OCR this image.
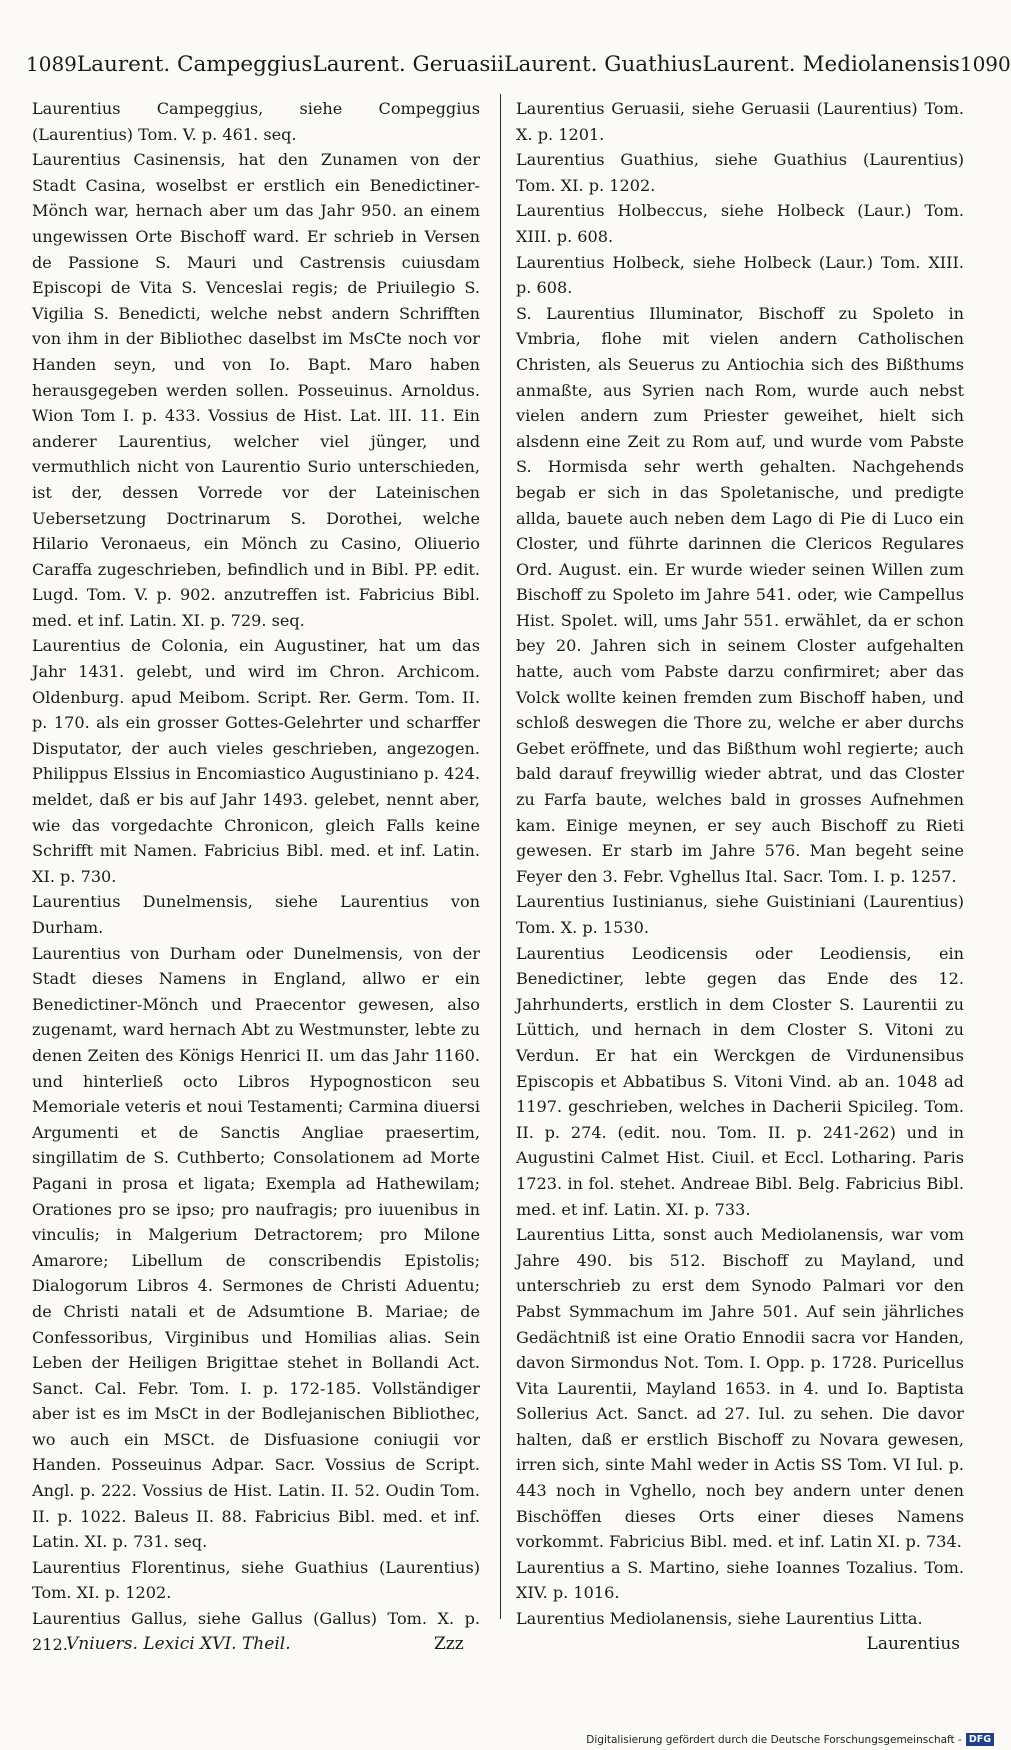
1089 Laurent. Campeggius Laurent. Geruasii Laurent. Guathius Laurent. Mediolanensis 1090

Laurentius Campeggius, siehe Compeggius (Laurentius) Tom. V. p. 461. seq.

Laurentius Casinensis, hat den Zunamen von der Stadt Casina, woselbst er erstlich ein Benedictiner-Mönch war, hernach aber um das Jahr 950. an einem ungewissen Orte Bischoff ward. Er schrieb in Versen de Passione S. Mauri und Castrensis cuiusdam Episcopi de Vita S. Venceslai regis; de Priuilegio S. Vigilia S. Benedicti, welche nebst andern Schrifften von ihm in der Bibliothec daselbst im MsCte noch vor Handen seyn, und von Io. Bapt. Maro haben herausgegeben werden sollen. Posseuinus. Arnoldus. Wion Tom I. p. 433. Vossius de Hist. Lat. lII. 11. Ein anderer Laurentius, welcher viel jünger, und vermuthlich nicht von Laurentio Surio unterschieden, ist der, dessen Vorrede vor der Lateinischen Uebersetzung Doctrinarum S. Dorothei, welche Hilario Veronaeus, ein Mönch zu Casino, Oliuerio Caraffa zugeschrieben, befindlich und in Bibl. PP. edit. Lugd. Tom. V. p. 902. anzutreffen ist. Fabricius Bibl. med. et inf. Latin. XI. p. 729. seq.

Laurentius de Colonia, ein Augustiner, hat um das Jahr 1431. gelebt, und wird im Chron. Archicom. Oldenburg. apud Meibom. Script. Rer. Germ. Tom. II. p. 170. als ein grosser Gottes-Gelehrter und scharffer Disputator, der auch vieles geschrieben, angezogen. Philippus Elssius in Encomiastico Augustiniano p. 424. meldet, daß er bis auf Jahr 1493. gelebet, nennt aber, wie das vorgedachte Chronicon, gleich Falls keine Schrifft mit Namen. Fabricius Bibl. med. et inf. Latin. XI. p. 730.

Laurentius Dunelmensis, siehe Laurentius von Durham.

Laurentius von Durham oder Dunelmensis, von der Stadt dieses Namens in England, allwo er ein Benedictiner-Mönch und Praecentor gewesen, also zugenamt, ward hernach Abt zu Westmunster, lebte zu denen Zeiten des Königs Henrici II. um das Jahr 1160. und hinterließ octo Libros Hypognosticon seu Memoriale veteris et noui Testamenti; Carmina diuersi Argumenti et de Sanctis Angliae praesertim, singillatim de S. Cuthberto; Consolationem ad Morte Pagani in prosa et ligata; Exempla ad Hathewilam; Orationes pro se ipso; pro naufragis; pro iuuenibus in vinculis; in Malgerium Detractorem; pro Milone Amarore; Libellum de conscribendis Epistolis; Dialogorum Libros 4. Sermones de Christi Aduentu; de Christi natali et de Adsumtione B. Mariae; de Confessoribus, Virginibus und Homilias alias. Sein Leben der Heiligen Brigittae stehet in Bollandi Act. Sanct. Cal. Febr. Tom. I. p. 172-185. Vollständiger aber ist es im MsCt in der Bodlejanischen Bibliothec, wo auch ein MSCt. de Disfuasione coniugii vor Handen. Posseuinus Adpar. Sacr. Vossius de Script. Angl. p. 222. Vossius de Hist. Latin. II. 52. Oudin Tom. II. p. 1022. Baleus II. 88. Fabricius Bibl. med. et inf. Latin. XI. p. 731. seq.

Laurentius Florentinus, siehe Guathius (Laurentius) Tom. XI. p. 1202.

Laurentius Gallus, siehe Gallus (Gallus) Tom. X. p. 212.

Laurentius Geruasii, siehe Geruasii (Laurentius) Tom. X. p. 1201.

Laurentius Guathius, siehe Guathius (Laurentius) Tom. XI. p. 1202.

Laurentius Holbeccus, siehe Holbeck (Laur.) Tom. XIII. p. 608.

Laurentius Holbeck, siehe Holbeck (Laur.) Tom. XIII. p. 608.

S. Laurentius Illuminator, Bischoff zu Spoleto in Vmbria, flohe mit vielen andern Catholischen Christen, als Seuerus zu Antiochia sich des Bißthums anmaßte, aus Syrien nach Rom, wurde auch nebst vielen andern zum Priester geweihet, hielt sich alsdenn eine Zeit zu Rom auf, und wurde vom Pabste S. Hormisda sehr werth gehalten. Nachgehends begab er sich in das Spoletanische, und predigte allda, bauete auch neben dem Lago di Pie di Luco ein Closter, und führte darinnen die Clericos Regulares Ord. August. ein. Er wurde wieder seinen Willen zum Bischoff zu Spoleto im Jahre 541. oder, wie Campellus Hist. Spolet. will, ums Jahr 551. erwählet, da er schon bey 20. Jahren sich in seinem Closter aufgehalten hatte, auch vom Pabste darzu confirmiret; aber das Volck wollte keinen fremden zum Bischoff haben, und schloß deswegen die Thore zu, welche er aber durchs Gebet eröffnete, und das Bißthum wohl regierte; auch bald darauf freywillig wieder abtrat, und das Closter zu Farfa baute, welches bald in grosses Aufnehmen kam. Einige meynen, er sey auch Bischoff zu Rieti gewesen. Er starb im Jahre 576. Man begeht seine Feyer den 3. Febr. Vghellus Ital. Sacr. Tom. I. p. 1257.

Laurentius Iustinianus, siehe Guistiniani (Laurentius) Tom. X. p. 1530.

Laurentius Leodicensis oder Leodiensis, ein Benedictiner, lebte gegen das Ende des 12. Jahrhunderts, erstlich in dem Closter S. Laurentii zu Lüttich, und hernach in dem Closter S. Vitoni zu Verdun. Er hat ein Werckgen de Virdunensibus Episcopis et Abbatibus S. Vitoni Vind. ab an. 1048 ad 1197. geschrieben, welches in Dacherii Spicileg. Tom. II. p. 274. (edit. nou. Tom. II. p. 241-262) und in Augustini Calmet Hist. Ciuil. et Eccl. Lotharing. Paris 1723. in fol. stehet. Andreae Bibl. Belg. Fabricius Bibl. med. et inf. Latin. XI. p. 733.

Laurentius Litta, sonst auch Mediolanensis, war vom Jahre 490. bis 512. Bischoff zu Mayland, und unterschrieb zu erst dem Synodo Palmari vor den Pabst Symmachum im Jahre 501. Auf sein jährliches Gedächtniß ist eine Oratio Ennodii sacra vor Handen, davon Sirmondus Not. Tom. I. Opp. p. 1728. Puricellus Vita Laurentii, Mayland 1653. in 4. und Io. Baptista Sollerius Act. Sanct. ad 27. Iul. zu sehen. Die davor halten, daß er erstlich Bischoff zu Novara gewesen, irren sich, sinte Mahl weder in Actis SS Tom. VI Iul. p. 443 noch in Vghello, noch bey andern unter denen Bischöffen dieses Orts einer dieses Namens vorkommt. Fabricius Bibl. med. et inf. Latin XI. p. 734.

Laurentius a S. Martino, siehe Ioannes Tozalius. Tom. XIV. p. 1016.

Laurentius Mediolanensis, siehe Laurentius Litta.

Vniuers. Lexici XVI. Theil.	Zzz	Laurentius
Digitalisierung gefördert durch die Deutsche Forschungsgemeinschaft - DFG
